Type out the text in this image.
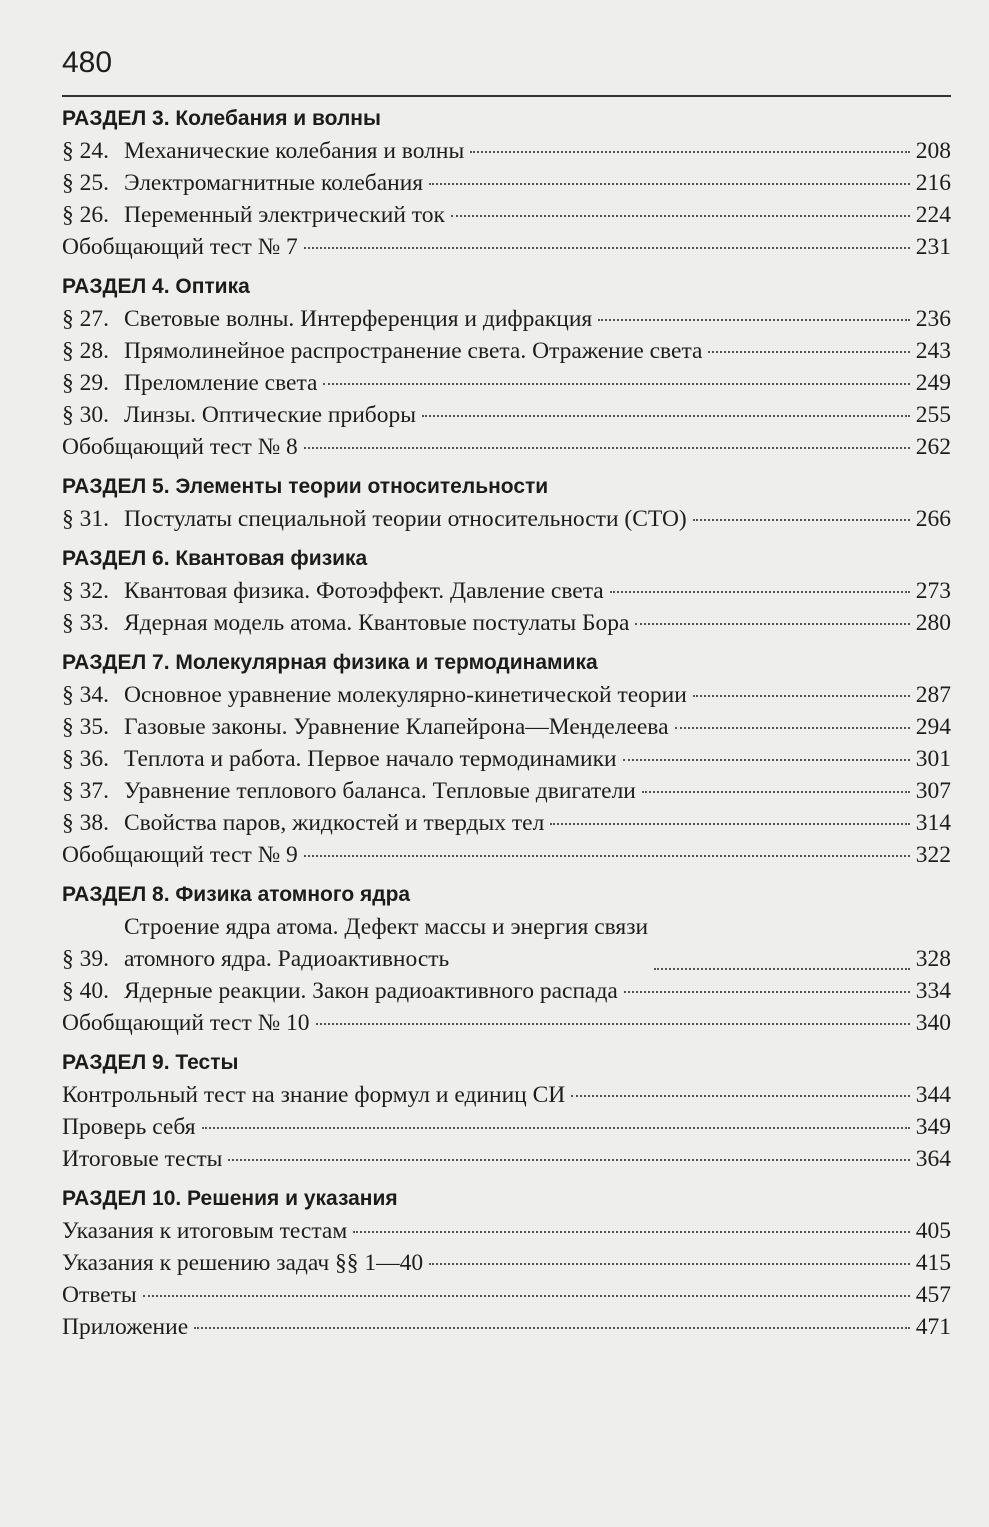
480
РАЗДЕЛ 3. Колебания и волны
§ 24. Механические колебания и волны	208
§ 25. Электромагнитные колебания	216
§ 26. Переменный электрический ток	224
Обобщающий тест № 7	231
РАЗДЕЛ 4. Оптика
§ 27. Световые волны. Интерференция и дифракция	236
§ 28. Прямолинейное распространение света. Отражение света	243
§ 29. Преломление света	249
§ 30. Линзы. Оптические приборы	255
Обобщающий тест № 8	262
РАЗДЕЛ 5. Элементы теории относительности
§ 31. Постулаты специальной теории относительности (СТО)	266
РАЗДЕЛ 6. Квантовая физика
§ 32. Квантовая физика. Фотоэффект. Давление света	273
§ 33. Ядерная модель атома. Квантовые постулаты Бора	280
РАЗДЕЛ 7. Молекулярная физика и термодинамика
§ 34. Основное уравнение молекулярно-кинетической теории	287
§ 35. Газовые законы. Уравнение Клапейрона—Менделеева	294
§ 36. Теплота и работа. Первое начало термодинамики	301
§ 37. Уравнение теплового баланса. Тепловые двигатели	307
§ 38. Свойства паров, жидкостей и твердых тел	314
Обобщающий тест № 9	322
РАЗДЕЛ 8. Физика атомного ядра
§ 39.
Строение ядра атома. Дефект массы и энергия связи
атомного ядра. Радиоактивность	328
§ 40. Ядерные реакции. Закон радиоактивного распада	334
Обобщающий тест № 10	340
РАЗДЕЛ 9. Тесты
Контрольный тест на знание формул и единиц СИ	344
Проверь себя	349
Итоговые тесты	364
РАЗДЕЛ 10. Решения и указания
Указания к итоговым тестам	405
Указания к решению задач §§ 1—40	415
Ответы	457
Приложение	471
